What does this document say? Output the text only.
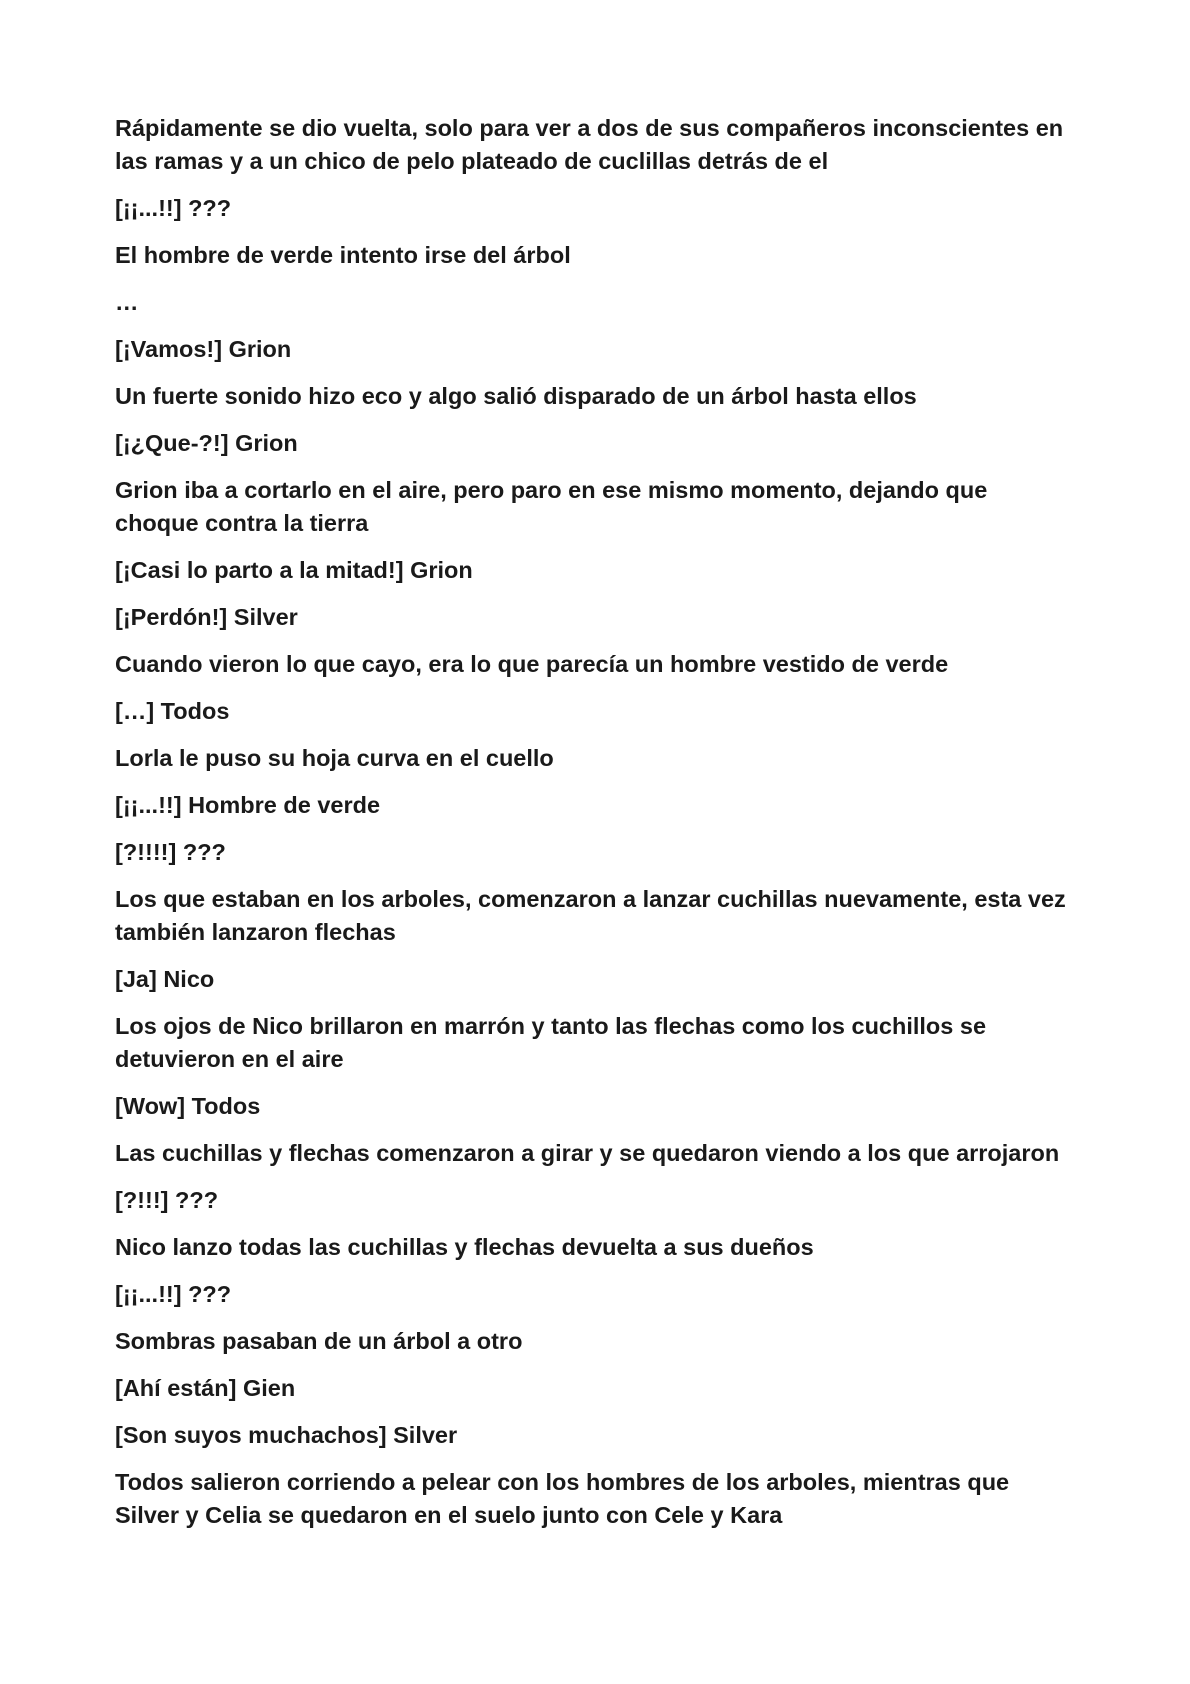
Rápidamente se dio vuelta, solo para ver a dos de sus compañeros inconscientes en las ramas y a un chico de pelo plateado de cuclillas detrás de el

[¡¡...!!] ???

El hombre de verde intento irse del árbol

…

[¡Vamos!] Grion

Un fuerte sonido hizo eco y algo salió disparado de un árbol hasta ellos

[¡¿Que-?!] Grion

Grion iba a cortarlo en el aire, pero paro en ese mismo momento, dejando que choque contra la tierra

[¡Casi lo parto a la mitad!] Grion

[¡Perdón!] Silver

Cuando vieron lo que cayo, era lo que parecía un hombre vestido de verde

[…] Todos

Lorla le puso su hoja curva en el cuello

[¡¡...!!] Hombre de verde

[?!!!!] ???

Los que estaban en los arboles, comenzaron a lanzar cuchillas nuevamente, esta vez también lanzaron flechas

[Ja] Nico

Los ojos de Nico brillaron en marrón y tanto las flechas como los cuchillos se detuvieron en el aire

[Wow] Todos

Las cuchillas y flechas comenzaron a girar y se quedaron viendo a los que arrojaron

[?!!!] ???

Nico lanzo todas las cuchillas y flechas devuelta a sus dueños

[¡¡...!!] ???

Sombras pasaban de un árbol a otro

[Ahí están] Gien

[Son suyos muchachos] Silver

Todos salieron corriendo a pelear con los hombres de los arboles, mientras que Silver y Celia se quedaron en el suelo junto con Cele y Kara
